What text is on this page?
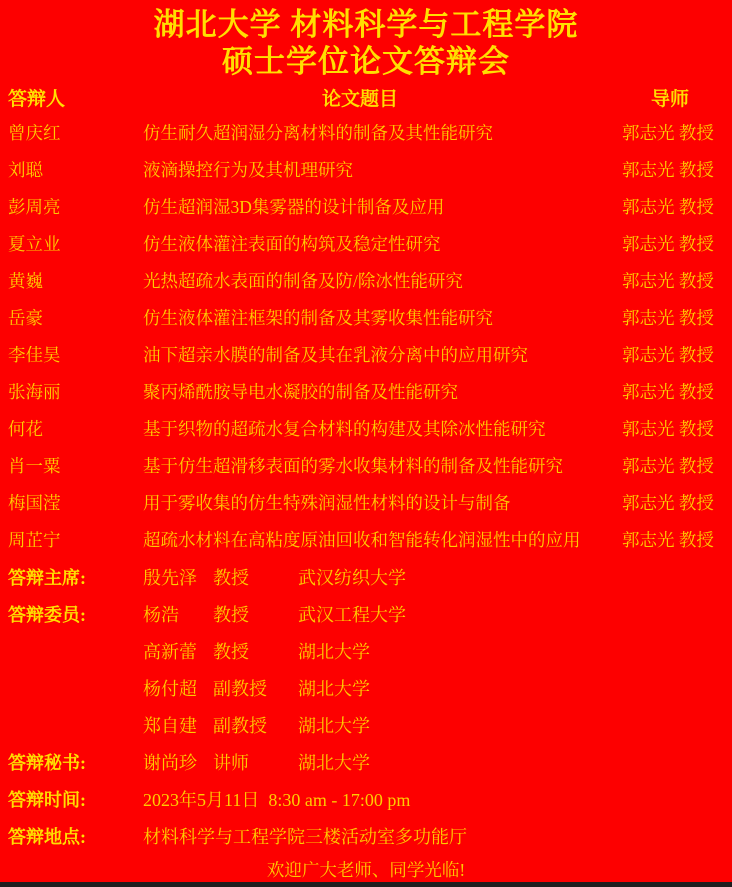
湖北大学 材料科学与工程学院
硕士学位论文答辩会
答辩人	论文题目	导师
曾庆红	仿生耐久超润湿分离材料的制备及其性能研究	郭志光 教授
刘聪	液滴操控行为及其机理研究	郭志光 教授
彭周亮	仿生超润湿3D集雾器的设计制备及应用	郭志光 教授
夏立业	仿生液体灌注表面的构筑及稳定性研究	郭志光 教授
黄巍	光热超疏水表面的制备及防/除冰性能研究	郭志光 教授
岳豪	仿生液体灌注框架的制备及其雾收集性能研究	郭志光 教授
李佳昊	油下超亲水膜的制备及其在乳液分离中的应用研究	郭志光 教授
张海丽	聚丙烯酰胺导电水凝胶的制备及性能研究	郭志光 教授
何花	基于织物的超疏水复合材料的构建及其除冰性能研究	郭志光 教授
肖一粟	基于仿生超滑移表面的雾水收集材料的制备及性能研究	郭志光 教授
梅国滢	用于雾收集的仿生特殊润湿性材料的设计与制备	郭志光 教授
周芷宁	超疏水材料在高粘度原油回收和智能转化润湿性中的应用	郭志光 教授
答辩主席:	殷先泽 教授	武汉纺织大学
答辩委员:	杨浩	教授	武汉工程大学
高新蕾 教授	湖北大学
杨付超 副教授	湖北大学
郑自建 副教授	湖北大学
答辩秘书:	谢尚珍 讲师	湖北大学
答辩时间:	2023年5月11日  8:30 am - 17:00 pm
答辩地点:	材料科学与工程学院三楼活动室多功能厅
欢迎广大老师、同学光临!
